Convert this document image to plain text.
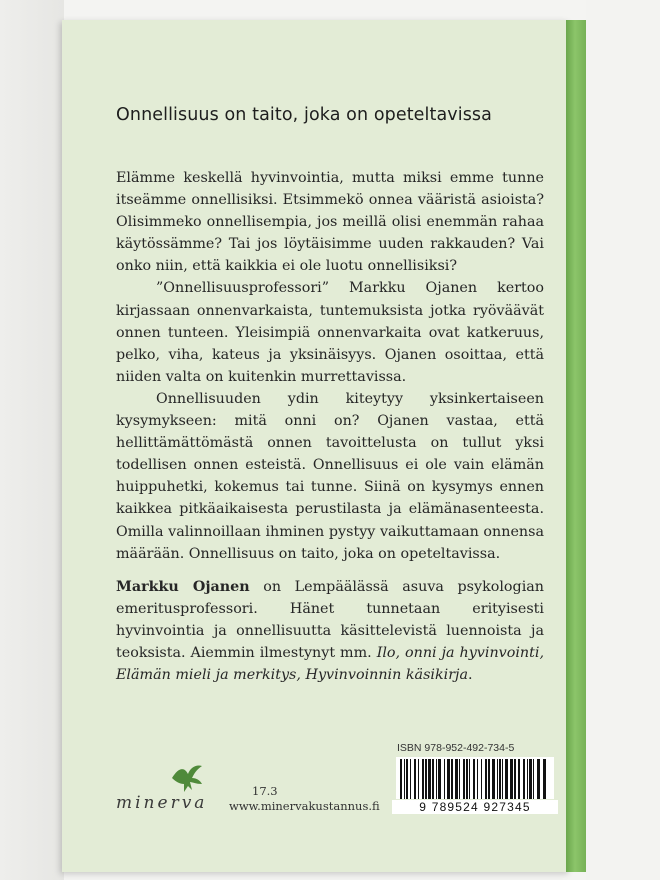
Onnellisuus on taito, joka on opeteltavissa

Elämme keskellä hyvinvointia, mutta miksi emme tunne itseämme onnellisiksi. Etsimmekö onnea vääristä asioista? Olisimmeko onnellisempia, jos meillä olisi enemmän rahaa käytössämme? Tai jos löytäisimme uuden rakkauden? Vai onko niin, että kaikkia ei ole luotu onnellisiksi?

”Onnellisuusprofessori” Markku Ojanen kertoo kirjassaan onnenvarkaista, tuntemuksista jotka ryöväävät onnen tunteen. Yleisimpiä onnenvarkaita ovat katkeruus, pelko, viha, kateus ja yksinäisyys. Ojanen osoittaa, että niiden valta on kuitenkin murrettavissa.

Onnellisuuden ydin kiteytyy yksinkertaiseen kysymykseen: mitä onni on? Ojanen vastaa, että hellittämättömästä onnen tavoittelusta on tullut yksi todellisen onnen esteistä. Onnellisuus ei ole vain elämän huippuhetki, kokemus tai tunne. Siinä on kysymys ennen kaikkea pitkäaikaisesta perustilasta ja elämänasenteesta. Omilla valinnoillaan ihminen pystyy vaikuttamaan onnensa määrään. Onnellisuus on taito, joka on opeteltavissa.

Markku Ojanen on Lempäälässä asuva psykologian emeritusprofessori. Hänet tunnetaan erityisesti hyvinvointia ja onnellisuutta käsittelevistä luennoista ja teoksista. Aiemmin ilmestynyt mm. Ilo, onni ja hyvinvointi, Elämän mieli ja merkitys, Hyvinvoinnin käsikirja.
ISBN 978-952-492-734-5
9 789524 927345
minerva
17.3
www.minervakustannus.fi
